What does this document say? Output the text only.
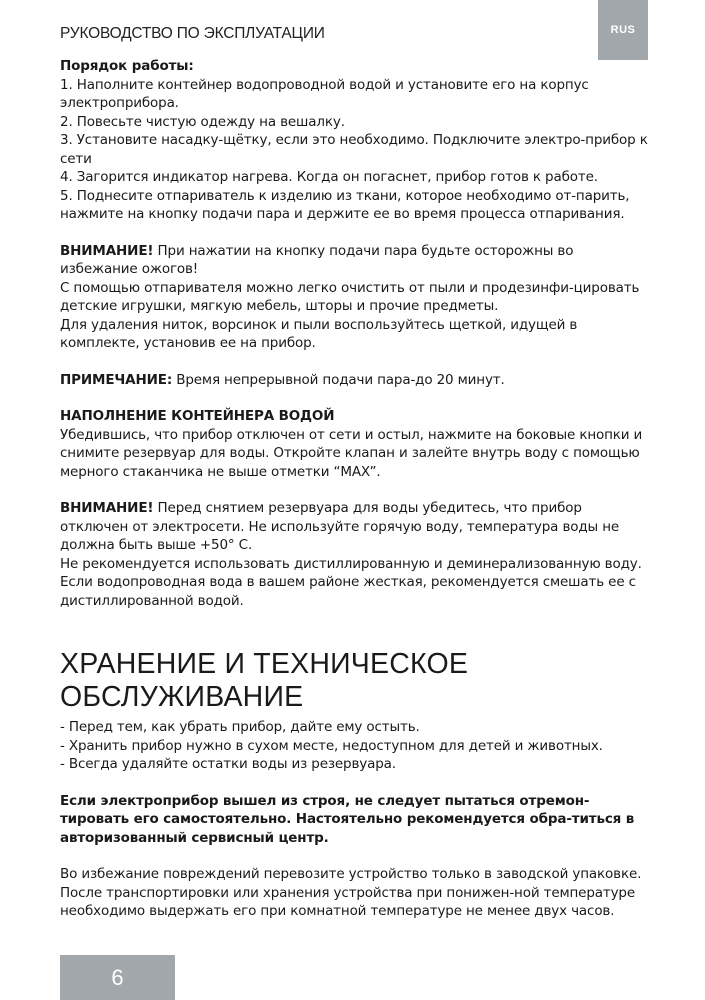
РУКОВОДСТВО ПО ЭКСПЛУАТАЦИИ	RUS

Порядок работы:

1. Наполните контейнер водопроводной водой и установите его на корпус электроприбора.

2. Повесьте чистую одежду на вешалку.

3. Установите насадку-щётку, если это необходимо. Подключите электро-прибор к сети

4. Загорится индикатор нагрева. Когда он погаснет, прибор готов к работе.

5. Поднесите отпариватель к изделию из ткани, которое необходимо от-парить, нажмите на кнопку подачи пара и держите ее во время процесса отпаривания.

ВНИМАНИЕ! При нажатии на кнопку подачи пара будьте осторожны во избежание ожогов!

С помощью отпаривателя можно легко очистить от пыли и продезинфи-цировать детские игрушки, мягкую мебель, шторы и прочие предметы.

Для удаления ниток, ворсинок и пыли воспользуйтесь щеткой, идущей в комплекте, установив ее на прибор.

ПРИМЕЧАНИЕ: Время непрерывной подачи пара-до 20 минут.

НАПОЛНЕНИЕ КОНТЕЙНЕРА ВОДОЙ

Убедившись, что прибор отключен от сети и остыл, нажмите на боковые кнопки и снимите резервуар для воды. Откройте клапан и залейте внутрь воду с помощью мерного стаканчика не выше отметки “MAX”.

ВНИМАНИЕ! Перед снятием резервуара для воды убедитесь, что прибор отключен от электросети. Не используйте горячую воду, температура воды не должна быть выше +50° С.

Не рекомендуется использовать дистиллированную и деминерализованную воду. Если водопроводная вода в вашем районе жесткая, рекомендуется смешать ее с дистиллированной водой.

ХРАНЕНИЕ И ТЕХНИЧЕСКОЕ
ОБСЛУЖИВАНИЕ

- Перед тем, как убрать прибор, дайте ему остыть.

- Хранить прибор нужно в сухом месте, недоступном для детей и животных.

- Всегда удаляйте остатки воды из резервуара.

Если электроприбор вышел из строя, не следует пытаться отремон-тировать его самостоятельно. Настоятельно рекомендуется обра-титься в авторизованный сервисный центр.

Во избежание повреждений перевозите устройство только в заводской упаковке. После транспортировки или хранения устройства при понижен-ной температуре необходимо выдержать его при комнатной температуре не менее двух часов.

6
